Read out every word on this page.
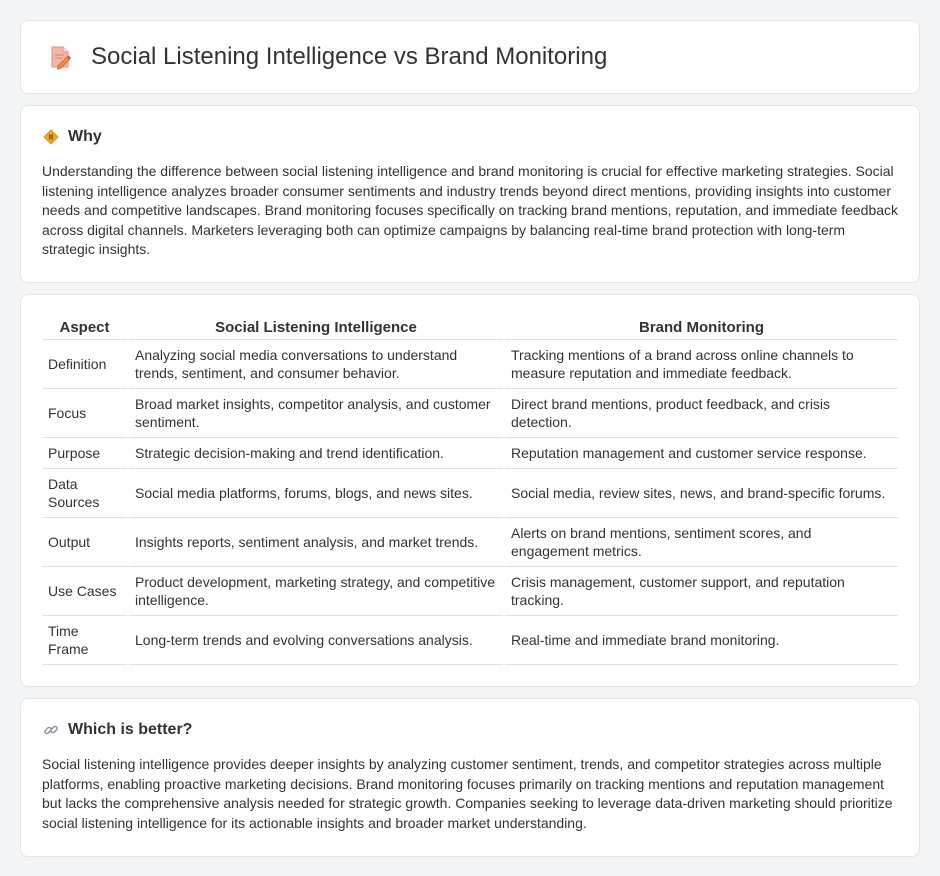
Social Listening Intelligence vs Brand Monitoring
Why

Understanding the difference between social listening intelligence and brand monitoring is crucial for effective marketing strategies. Social listening intelligence analyzes broader consumer sentiments and industry trends beyond direct mentions, providing insights into customer needs and competitive landscapes. Brand monitoring focuses specifically on tracking brand mentions, reputation, and immediate feedback across digital channels. Marketers leveraging both can optimize campaigns by balancing real-time brand protection with long-term strategic insights.

Aspect	Social Listening Intelligence	Brand Monitoring
Definition	Analyzing social media conversations to understand trends, sentiment, and consumer behavior.	Tracking mentions of a brand across online channels to measure reputation and immediate feedback.
Focus	Broad market insights, competitor analysis, and customer sentiment.	Direct brand mentions, product feedback, and crisis detection.
Purpose	Strategic decision-making and trend identification.	Reputation management and customer service response.
Data Sources	Social media platforms, forums, blogs, and news sites.	Social media, review sites, news, and brand-specific forums.
Output	Insights reports, sentiment analysis, and market trends.	Alerts on brand mentions, sentiment scores, and engagement metrics.
Use Cases	Product development, marketing strategy, and competitive intelligence.	Crisis management, customer support, and reputation tracking.
Time Frame	Long-term trends and evolving conversations analysis.	Real-time and immediate brand monitoring.
Which is better?

Social listening intelligence provides deeper insights by analyzing customer sentiment, trends, and competitor strategies across multiple platforms, enabling proactive marketing decisions. Brand monitoring focuses primarily on tracking mentions and reputation management but lacks the comprehensive analysis needed for strategic growth. Companies seeking to leverage data-driven marketing should prioritize social listening intelligence for its actionable insights and broader market understanding.
